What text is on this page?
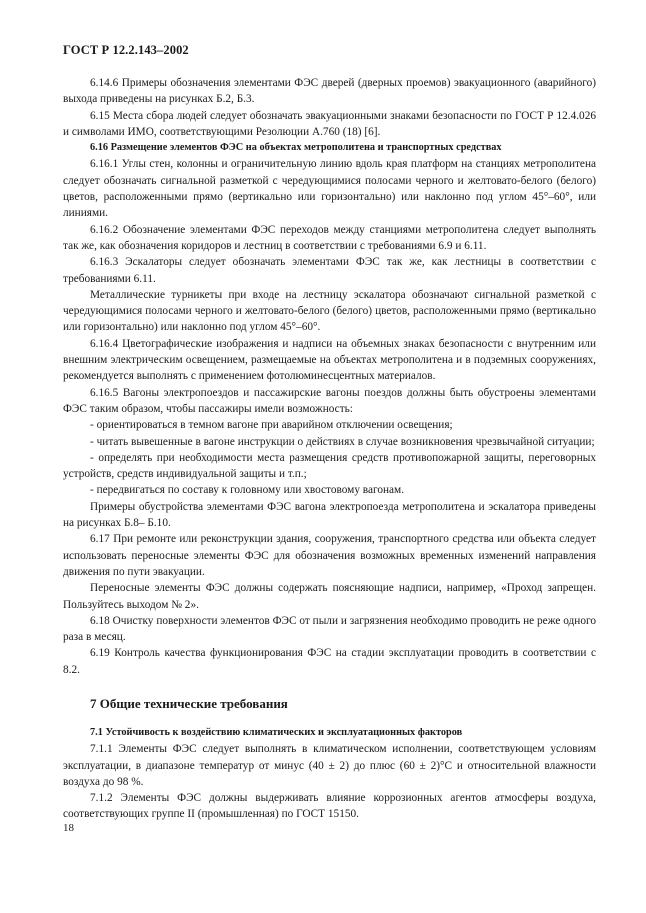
ГОСТ Р 12.2.143–2002

6.14.6 Примеры обозначения элементами ФЭС дверей (дверных проемов) эвакуационного (аварийного) выхода приведены на рисунках Б.2, Б.3.

6.15 Места сбора людей следует обозначать эвакуационными знаками безопасности по ГОСТ Р 12.4.026 и символами ИМО, соответствующими Резолюции А.760 (18) [6].

6.16 Размещение элементов ФЭС на объектах метрополитена и транспортных средствах

6.16.1 Углы стен, колонны и ограничительную линию вдоль края платформ на станциях метрополитена следует обозначать сигнальной разметкой с чередующимися полосами черного и желтовато-белого (белого) цветов, расположенными прямо (вертикально или горизонтально) или наклонно под углом 45°–60°, или линиями.

6.16.2 Обозначение элементами ФЭС переходов между станциями метрополитена следует выполнять так же, как обозначения коридоров и лестниц в соответствии с требованиями 6.9 и 6.11.

6.16.3 Эскалаторы следует обозначать элементами ФЭС так же, как лестницы в соответствии с требованиями 6.11.

Металлические турникеты при входе на лестницу эскалатора обозначают сигнальной разметкой с чередующимися полосами черного и желтовато-белого (белого) цветов, расположенными прямо (вертикально или горизонтально) или наклонно под углом 45°–60°.

6.16.4 Цветографические изображения и надписи на объемных знаках безопасности с внутренним или внешним электрическим освещением, размещаемые на объектах метрополитена и в подземных сооружениях, рекомендуется выполнять с применением фотолюминесцентных материалов.

6.16.5 Вагоны электропоездов и пассажирские вагоны поездов должны быть обустроены элементами ФЭС таким образом, чтобы пассажиры имели возможность:

- ориентироваться в темном вагоне при аварийном отключении освещения;

- читать вывешенные в вагоне инструкции о действиях в случае возникновения чрезвычайной ситуации;

- определять при необходимости места размещения средств противопожарной защиты, переговорных устройств, средств индивидуальной защиты и т.п.;

- передвигаться по составу к головному или хвостовому вагонам.

Примеры обустройства элементами ФЭС вагона электропоезда метрополитена и эскалатора приведены на рисунках Б.8– Б.10.

6.17 При ремонте или реконструкции здания, сооружения, транспортного средства или объекта следует использовать переносные элементы ФЭС для обозначения возможных временных изменений направления движения по пути эвакуации.

Переносные элементы ФЭС должны содержать поясняющие надписи, например, «Проход запрещен. Пользуйтесь выходом № 2».

6.18 Очистку поверхности элементов ФЭС от пыли и загрязнения необходимо проводить не реже одного раза в месяц.

6.19 Контроль качества функционирования ФЭС на стадии эксплуатации проводить в соответствии с 8.2.

7 Общие технические требования

7.1 Устойчивость к воздействию климатических и эксплуатационных факторов

7.1.1 Элементы ФЭС следует выполнять в климатическом исполнении, соответствующем условиям эксплуатации, в диапазоне температур от минус (40 ± 2) до плюс (60 ± 2)°С и относительной влажности воздуха до 98 %.

7.1.2 Элементы ФЭС должны выдерживать влияние коррозионных агентов атмосферы воздуха, соответствующих группе II (промышленная) по ГОСТ 15150.

18
